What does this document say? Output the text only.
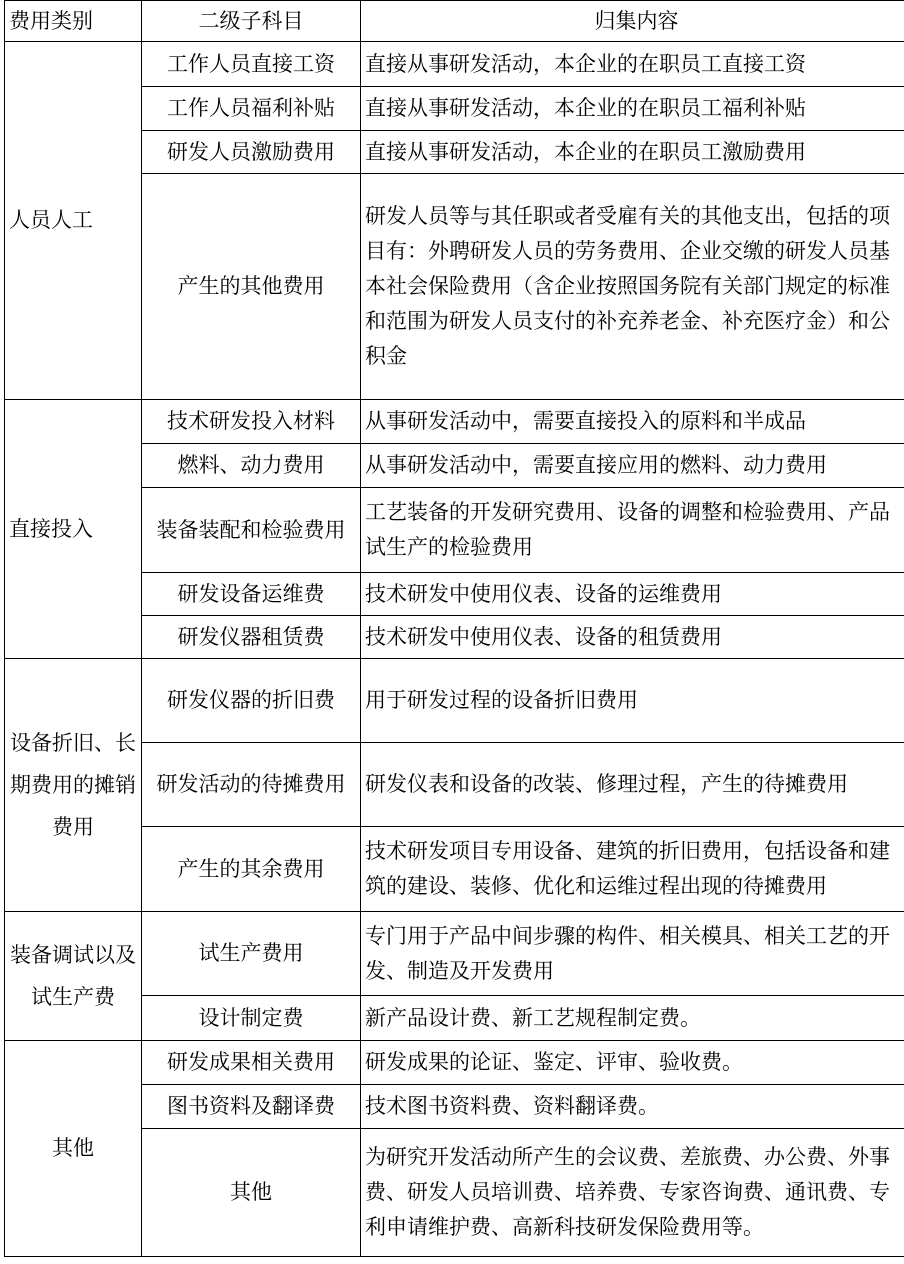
费用类别	二级子科目	归集内容
人员人工	工作人员直接工资	直接从事研发活动，本企业的在职员工直接工资
	工作人员福利补贴	直接从事研发活动，本企业的在职员工福利补贴
	研发人员激励费用	直接从事研发活动，本企业的在职员工激励费用
	产生的其他费用	研发人员等与其任职或者受雇有关的其他支出，包括的项目有：外聘研发人员的劳务费用、企业交缴的研发人员基本社会保险费用（含企业按照国务院有关部门规定的标准和范围为研发人员支付的补充养老金、补充医疗金）和公积金
直接投入	技术研发投入材料	从事研发活动中，需要直接投入的原料和半成品
	燃料、动力费用	从事研发活动中，需要直接应用的燃料、动力费用
	装备装配和检验费用	工艺装备的开发研究费用、设备的调整和检验费用、产品试生产的检验费用
	研发设备运维费	技术研发中使用仪表、设备的运维费用
	研发仪器租赁费	技术研发中使用仪表、设备的租赁费用
设备折旧、长期费用的摊销费用	研发仪器的折旧费	用于研发过程的设备折旧费用
	研发活动的待摊费用	研发仪表和设备的改装、修理过程，产生的待摊费用
	产生的其余费用	技术研发项目专用设备、建筑的折旧费用，包括设备和建筑的建设、装修、优化和运维过程出现的待摊费用
装备调试以及试生产费	试生产费用	专门用于产品中间步骤的构件、相关模具、相关工艺的开发、制造及开发费用
	设计制定费	新产品设计费、新工艺规程制定费。
其他	研发成果相关费用	研发成果的论证、鉴定、评审、验收费。
	图书资料及翻译费	技术图书资料费、资料翻译费。
	其他	为研究开发活动所产生的会议费、差旅费、办公费、外事费、研发人员培训费、培养费、专家咨询费、通讯费、专利申请维护费、高新科技研发保险费用等。
